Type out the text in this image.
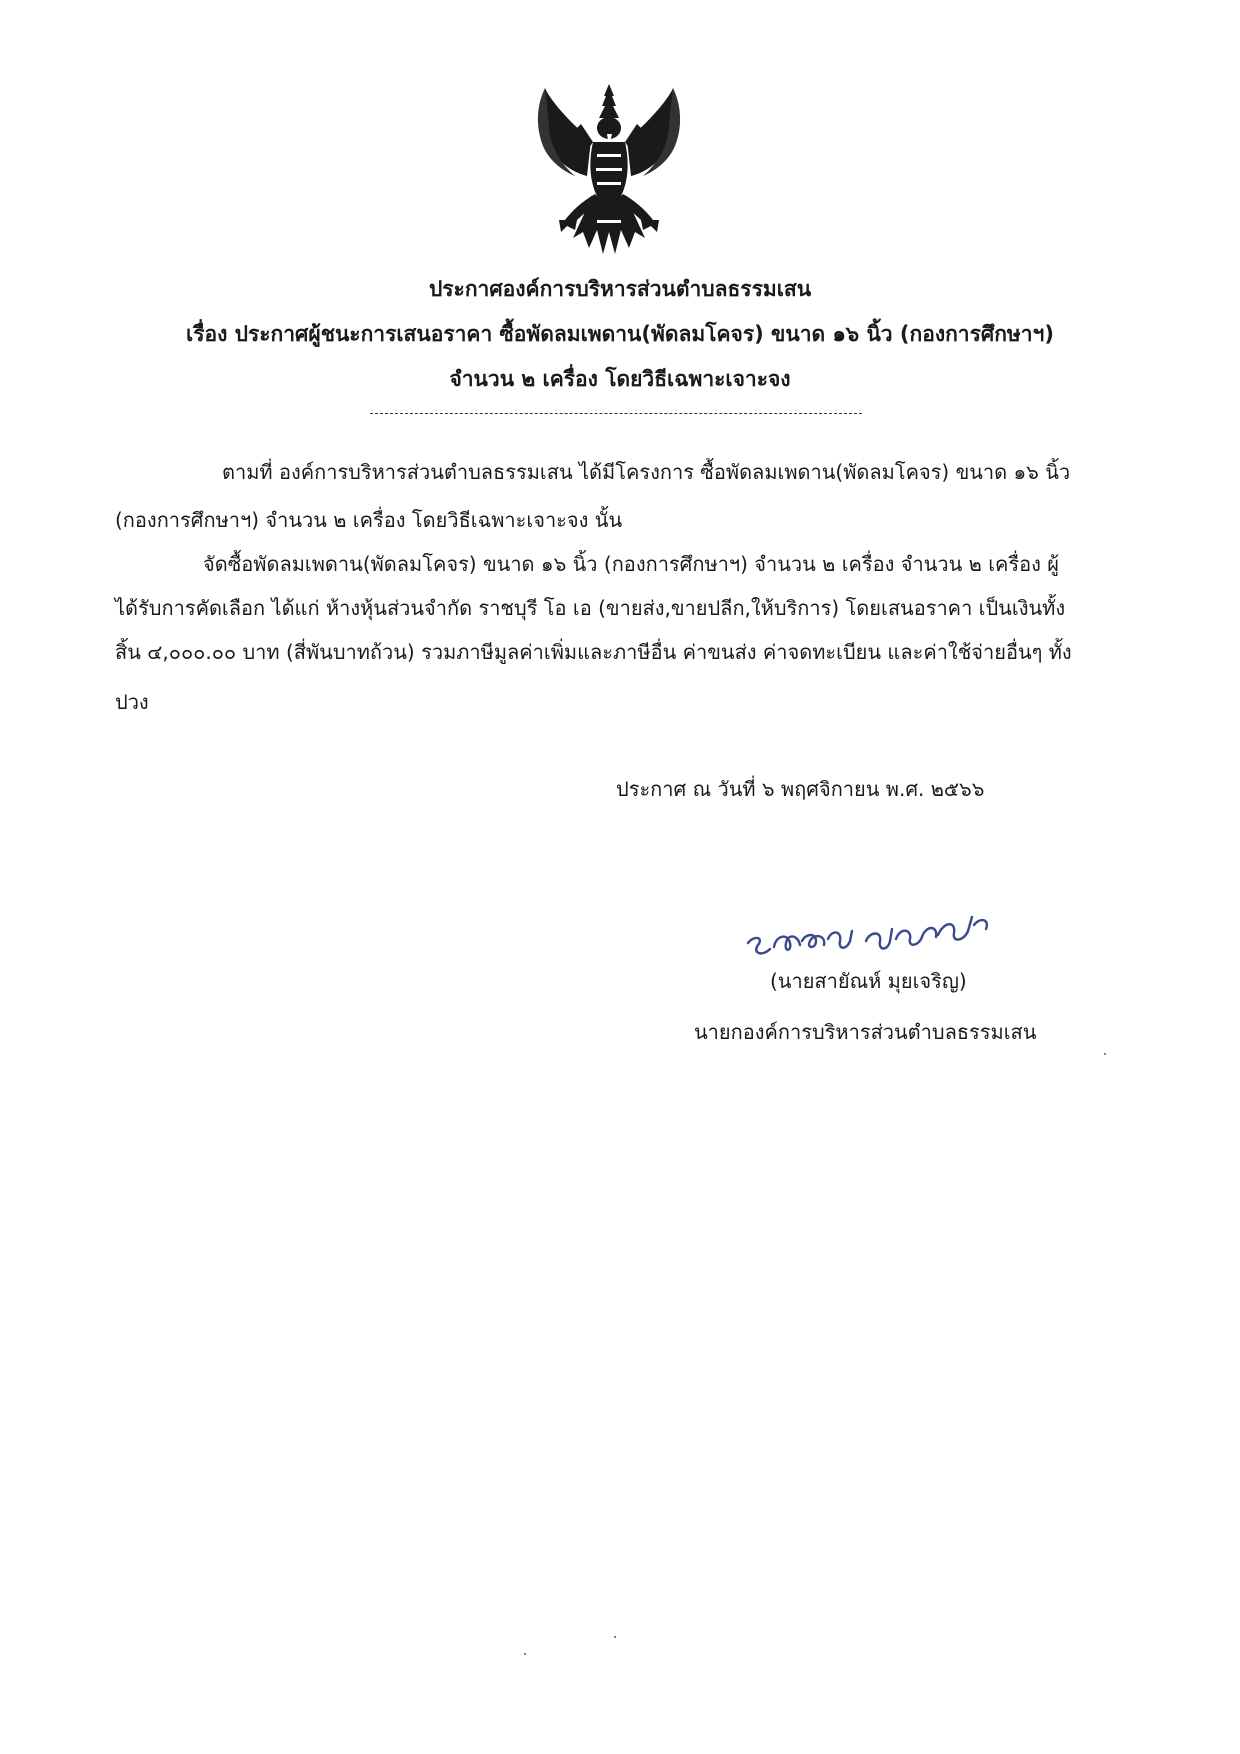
ประกาศองค์การบริหารส่วนตำบลธรรมเสน
เรื่อง ประกาศผู้ชนะการเสนอราคา ซื้อพัดลมเพดาน(พัดลมโคจร) ขนาด ๑๖ นิ้ว (กองการศึกษาฯ)
จำนวน ๒ เครื่อง โดยวิธีเฉพาะเจาะจง
ตามที่ องค์การบริหารส่วนตำบลธรรมเสน ได้มีโครงการ ซื้อพัดลมเพดาน(พัดลมโคจร) ขนาด ๑๖ นิ้ว
(กองการศึกษาฯ) จำนวน ๒ เครื่อง โดยวิธีเฉพาะเจาะจง นั้น
จัดซื้อพัดลมเพดาน(พัดลมโคจร) ขนาด ๑๖ นิ้ว (กองการศึกษาฯ) จำนวน ๒ เครื่อง จำนวน ๒ เครื่อง ผู้
ได้รับการคัดเลือก ได้แก่ ห้างหุ้นส่วนจำกัด ราชบุรี โอ เอ (ขายส่ง,ขายปลีก,ให้บริการ) โดยเสนอราคา เป็นเงินทั้ง
สิ้น ๔,๐๐๐.๐๐ บาท (สี่พันบาทถ้วน) รวมภาษีมูลค่าเพิ่มและภาษีอื่น ค่าขนส่ง ค่าจดทะเบียน และค่าใช้จ่ายอื่นๆ ทั้ง
ปวง
ประกาศ ณ วันที่ ๖ พฤศจิกายน พ.ศ. ๒๕๖๖
(นายสายัณห์ มุยเจริญ)
นายกองค์การบริหารส่วนตำบลธรรมเสน
